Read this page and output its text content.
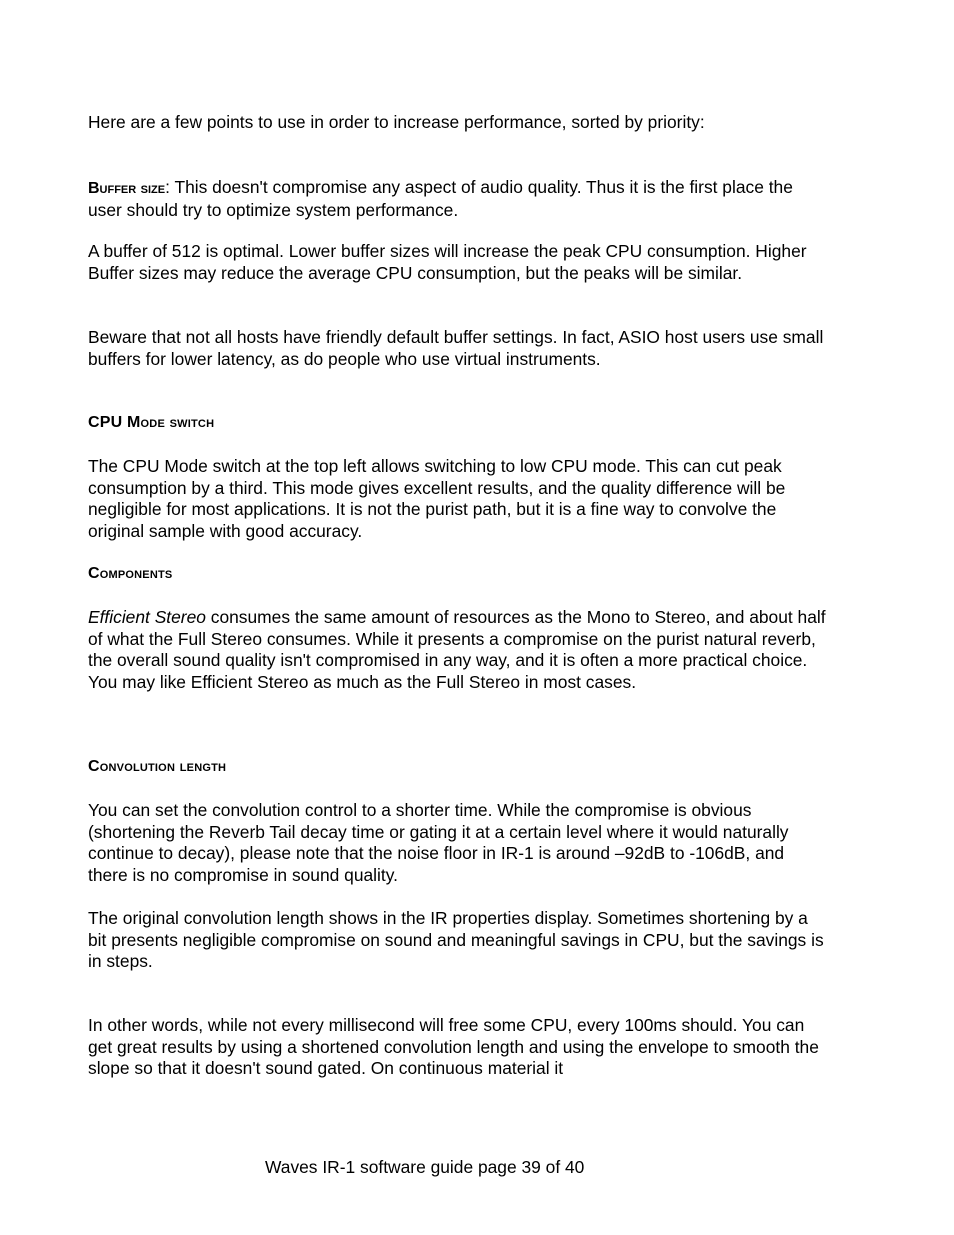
Here are a few points to use in order to increase performance, sorted by priority:

Buffer size: This doesn't compromise any aspect of audio quality. Thus it is the first place the user should try to optimize system performance.

A buffer of 512 is optimal. Lower buffer sizes will increase the peak CPU consumption. Higher Buffer sizes may reduce the average CPU consumption, but the peaks will be similar.

Beware that not all hosts have friendly default buffer settings. In fact, ASIO host users use small buffers for lower latency, as do people who use virtual instruments.

CPU Mode switch

The CPU Mode switch at the top left allows switching to low CPU mode. This can cut peak consumption by a third. This mode gives excellent results, and the quality difference will be negligible for most applications. It is not the purist path, but it is a fine way to convolve the original sample with good accuracy.

Components

Efficient Stereo consumes the same amount of resources as the Mono to Stereo, and about half of what the Full Stereo consumes. While it presents a compromise on the purist natural reverb, the overall sound quality isn't compromised in any way, and it is often a more practical choice. You may like Efficient Stereo as much as the Full Stereo in most cases.

Convolution length

You can set the convolution control to a shorter time. While the compromise is obvious (shortening the Reverb Tail decay time or gating it at a certain level where it would naturally continue to decay), please note that the noise floor in IR-1 is around –92dB to -106dB, and there is no compromise in sound quality.

The original convolution length shows in the IR properties display. Sometimes shortening by a bit presents negligible compromise on sound and meaningful savings in CPU, but the savings is in steps.

In other words, while not every millisecond will free some CPU, every 100ms should. You can get great results by using a shortened convolution length and using the envelope to smooth the slope so that it doesn't sound gated. On continuous material it

Waves IR-1 software guide page 39 of 40
